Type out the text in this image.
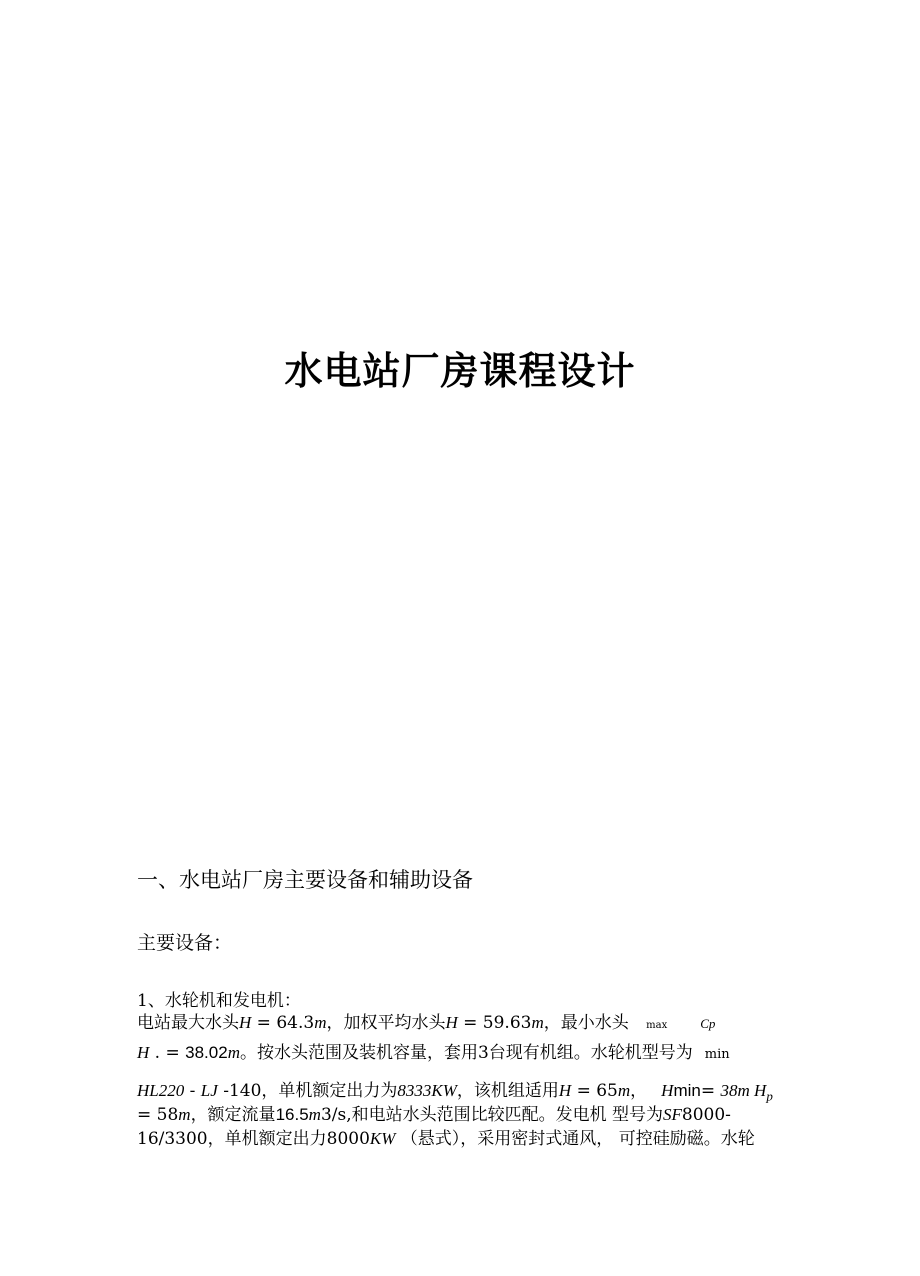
水电站厂房课程设计
一、水电站厂房主要设备和辅助设备
主要设备：
1、水轮机和发电机：
电站最大水头H = 64.3m，加权平均水头H = 59.63m，最小水头 max	Cp
H . = 38.02m。按水头范围及装机容量，套用3台现有机组。水轮机型号为 min
HL220 - LJ -140，单机额定出力为8333KW，该机组适用H = 65m， Hmin= 38m $H_p$
= 58m，额定流量16.5m3/s,和电站水头范围比较匹配。发电机 型号为SF8000-
16/3300，单机额定出力8000KW （悬式），采用密封式通风， 可控硅励磁。水轮
